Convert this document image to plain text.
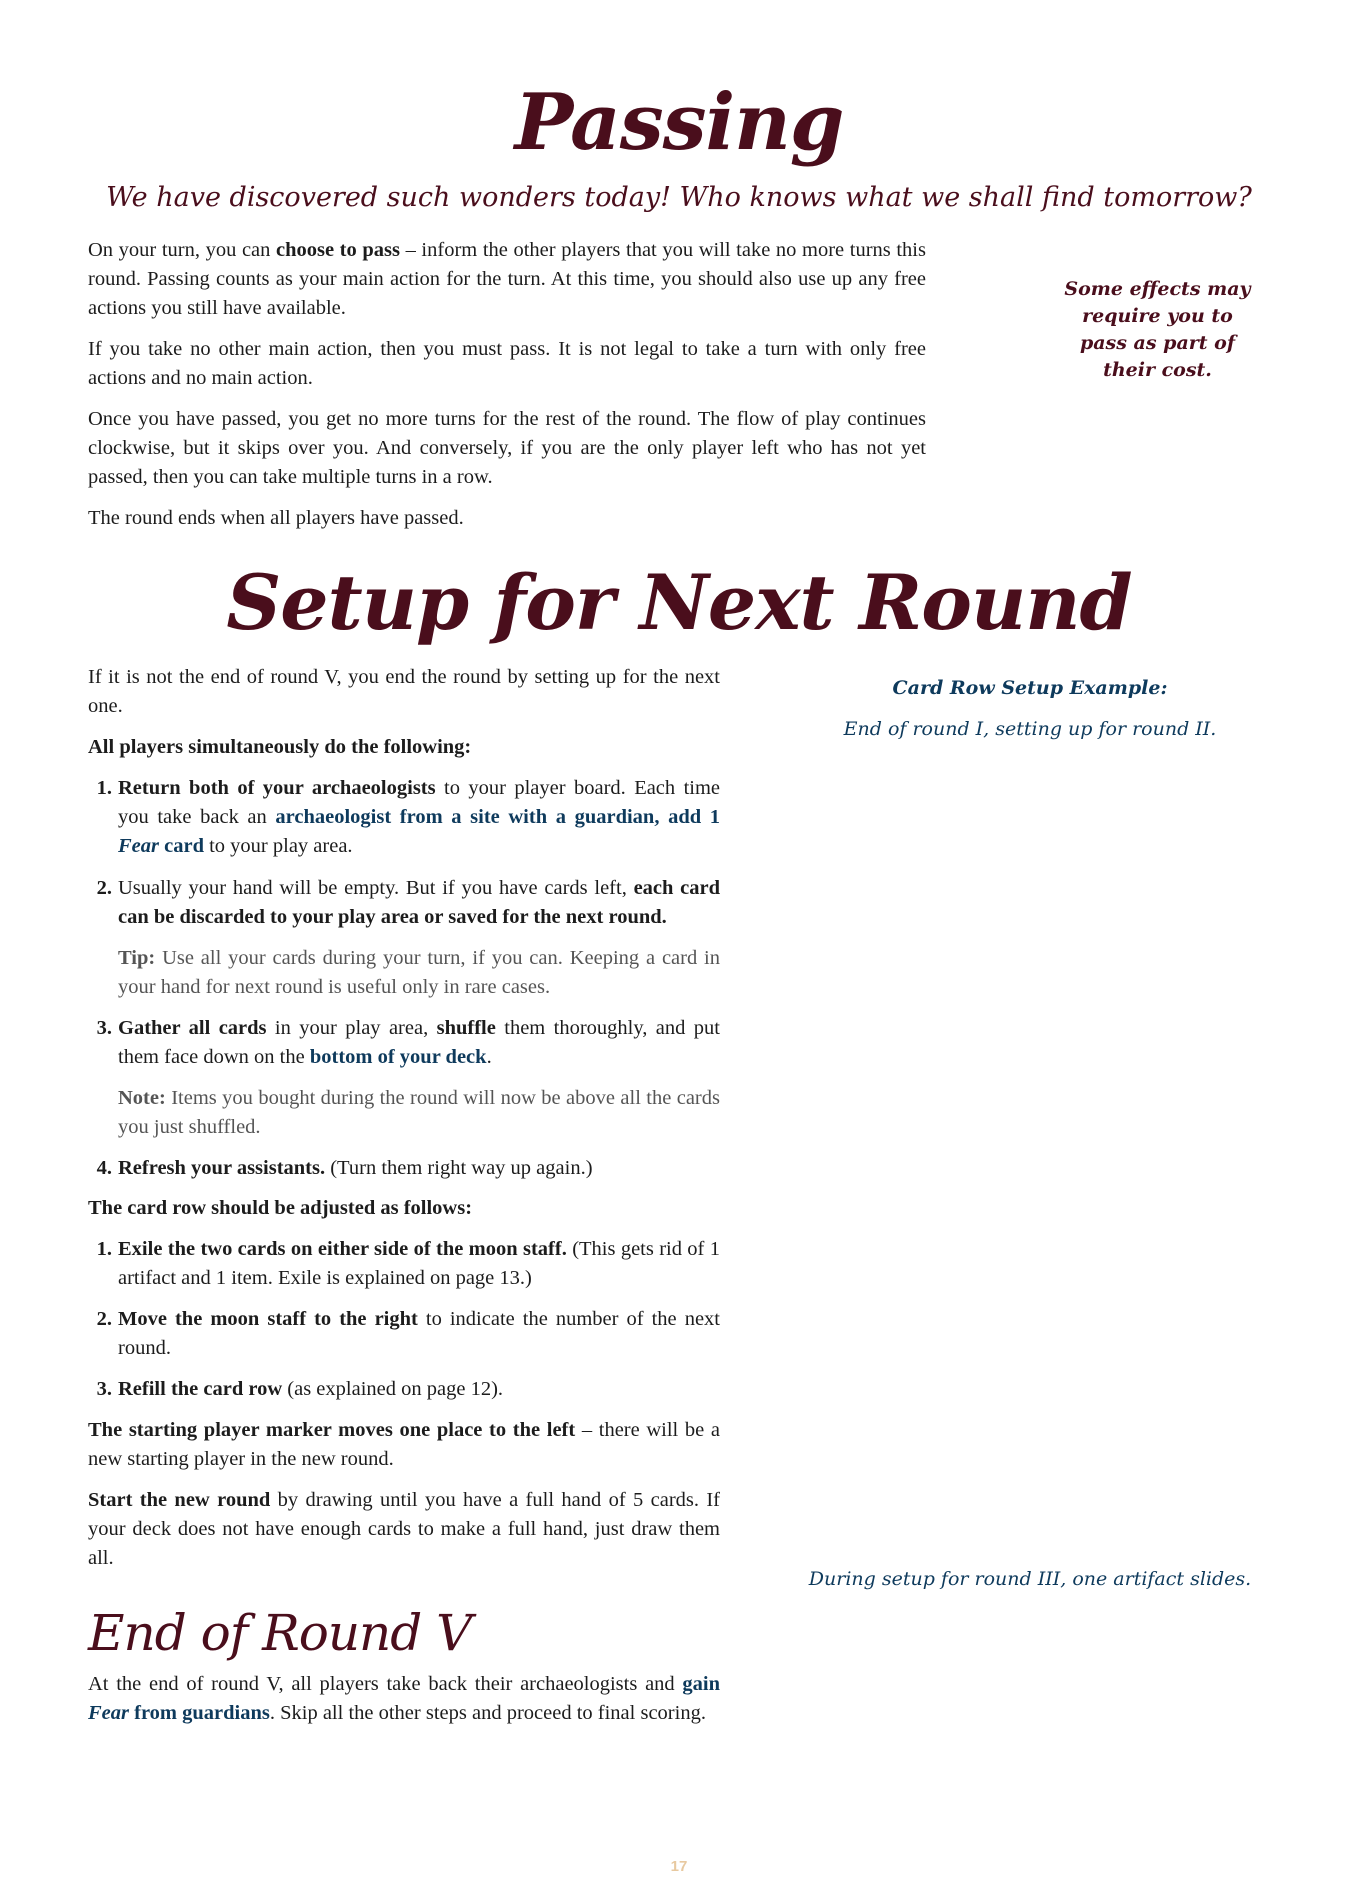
Passing
We have discovered such wonders today! Who knows what we shall find tomorrow?

On your turn, you can choose to pass – inform the other players that you will take no more turns this round. Passing counts as your main action for the turn. At this time, you should also use up any free actions you still have available.

If you take no other main action, then you must pass. It is not legal to take a turn with only free actions and no main action.

Once you have passed, you get no more turns for the rest of the round. The flow of play continues clockwise, but it skips over you. And conversely, if you are the only player left who has not yet passed, then you can take multiple turns in a row.

The round ends when all players have passed.

Some effects may require you to pass as part of their cost.
Setup for Next Round

If it is not the end of round V, you end the round by setting up for the next one.

All players simultaneously do the following:

1. Return both of your archaeologists to your player board. Each time you take back an archaeologist from a site with a guardian, add 1 Fear card to your play area.

2. Usually your hand will be empty. But if you have cards left, each card can be discarded to your play area or saved for the next round.

Tip: Use all your cards during your turn, if you can. Keeping a card in your hand for next round is useful only in rare cases.

3. Gather all cards in your play area, shuffle them thoroughly, and put them face down on the bottom of your deck.

Note: Items you bought during the round will now be above all the cards you just shuffled.

4. Refresh your assistants. (Turn them right way up again.)

The card row should be adjusted as follows:

1. Exile the two cards on either side of the moon staff. (This gets rid of 1 artifact and 1 item. Exile is explained on page 13.)

2. Move the moon staff to the right to indicate the number of the next round.

3. Refill the card row (as explained on page 12).

The starting player marker moves one place to the left – there will be a new starting player in the new round.

Start the new round by drawing until you have a full hand of 5 cards. If your deck does not have enough cards to make a full hand, just draw them all.

Card Row Setup Example:
End of round I, setting up for round II.
During setup for round III, one artifact slides.
End of Round V

At the end of round V, all players take back their archaeologists and gain Fear from guardians. Skip all the other steps and proceed to final scoring.

17
